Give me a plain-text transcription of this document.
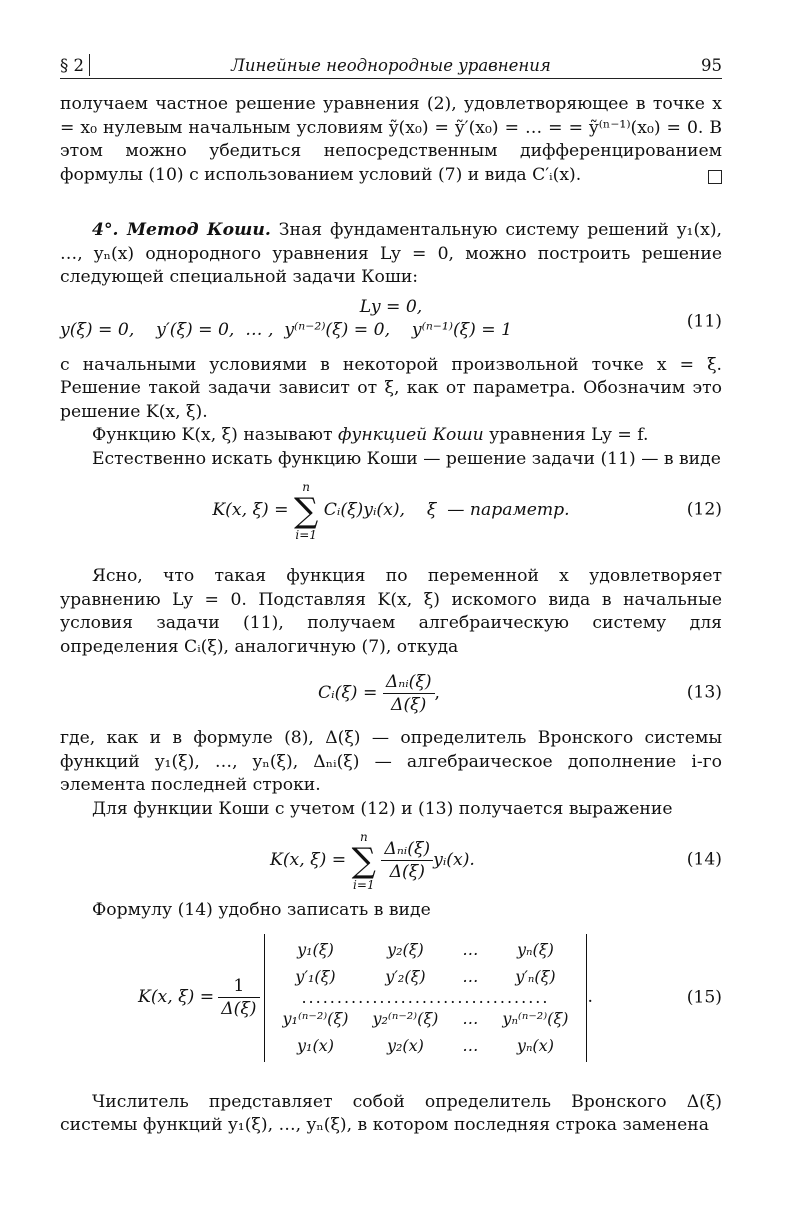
§ 2	Линейные неоднородные уравнения	95

получаем частное решение уравнения (2), удовлетворяющее в точке x = x₀ нулевым начальным условиям ỹ(x₀) = ỹ′(x₀) = … = = ỹ⁽ⁿ⁻¹⁾(x₀) = 0. В этом можно убедиться непосредственным дифференцированием формулы (10) с использованием условий (7) и вида C′ᵢ(x).

4°. Метод Коши. Зная фундаментальную систему решений y₁(x), …, yₙ(x) однородного уравнения Ly = 0, можно построить решение следующей специальной задачи Коши:

Ly = 0,
y(ξ) = 0,    y′(ξ) = 0,  … ,  y⁽ⁿ⁻²⁾(ξ) = 0,    y⁽ⁿ⁻¹⁾(ξ) = 1	(11)

с начальными условиями в некоторой произвольной точке x = ξ. Решение такой задачи зависит от ξ, как от параметра. Обозначим это решение K(x, ξ).

Функцию K(x, ξ) называют функцией Коши уравнения Ly = f.

Естественно искать функцию Коши — решение задачи (11) — в виде

K(x, ξ) =
n
∑
i=1
Cᵢ(ξ)yᵢ(x),    ξ  — параметр.	(12)

Ясно, что такая функция по переменной x удовлетворяет уравнению Ly = 0. Подставляя K(x, ξ) искомого вида в начальные условия задачи (11), получаем алгебраическую систему для определения Cᵢ(ξ), аналогичную (7), откуда

Cᵢ(ξ) = $\frac{\text{Δₙᵢ(ξ)}}{\Delta(\xi)}$ ,	(13)

где, как и в формуле (8), Δ(ξ) — определитель Вронского системы функций y₁(ξ), …, yₙ(ξ), Δₙᵢ(ξ) — алгебраическое дополнение i-го элемента последней строки.

Для функции Коши с учетом (12) и (13) получается выражение

K(x, ξ) =
n
∑
i=1

$\frac{\text{Δₙᵢ(ξ)}}{\Delta(\xi)}$ yᵢ(x).	(14)

Формулу (14) удобно записать в виде

K(x, $\xi) = \frac{1}{\Delta(\xi)}$
y₁(ξ)	y₂(ξ)	…	yₙ(ξ)
y′₁(ξ)	y′₂(ξ)	…	y′ₙ(ξ)
...................................			
y₁⁽ⁿ⁻²⁾(ξ)	y₂⁽ⁿ⁻²⁾(ξ)	…	yₙ⁽ⁿ⁻²⁾(ξ)
y₁(x)	y₂(x)	…	yₙ(x)
.	(15)

Числитель представляет собой определитель Вронского Δ(ξ) системы функций y₁(ξ), …, yₙ(ξ), в котором последняя строка заменена
